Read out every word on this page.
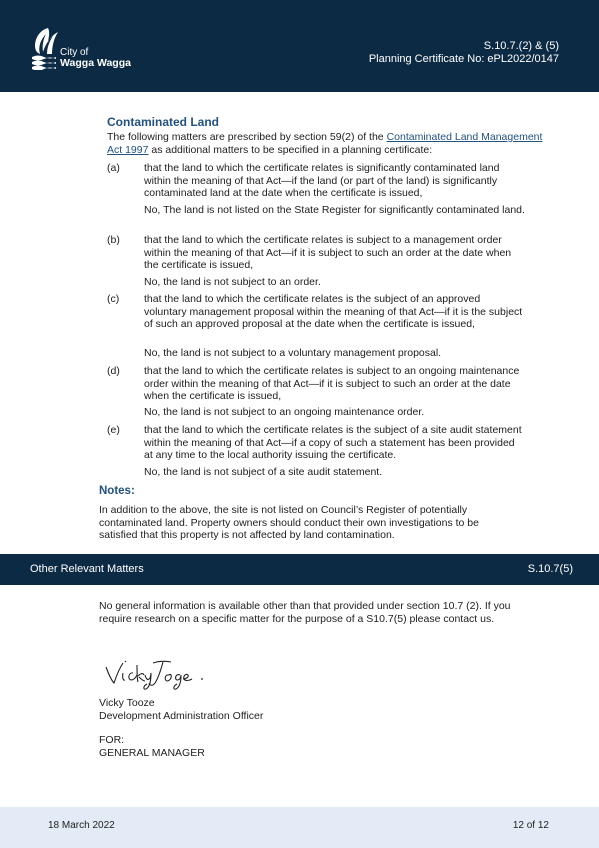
City of
Wagga Wagga
S.10.7.(2) & (5)
Planning Certificate No: ePL2022/0147
Contaminated Land
The following matters are prescribed by section 59(2) of the Contaminated Land Management Act 1997 as additional matters to be specified in a planning certificate:
(a) that the land to which the certificate relates is significantly contaminated land within the meaning of that Act—if the land (or part of the land) is significantly contaminated land at the date when the certificate is issued,
No, The land is not listed on the State Register for significantly contaminated land.
(b) that the land to which the certificate relates is subject to a management order within the meaning of that Act—if it is subject to such an order at the date when the certificate is issued,
No, the land is not subject to an order.
(c) that the land to which the certificate relates is the subject of an approved voluntary management proposal within the meaning of that Act—if it is the subject of such an approved proposal at the date when the certificate is issued,
No, the land is not subject to a voluntary management proposal.
(d) that the land to which the certificate relates is subject to an ongoing maintenance order within the meaning of that Act—if it is subject to such an order at the date when the certificate is issued,
No, the land is not subject to an ongoing maintenance order.
(e) that the land to which the certificate relates is the subject of a site audit statement within the meaning of that Act—if a copy of such a statement has been provided at any time to the local authority issuing the certificate.
No, the land is not subject of a site audit statement.
Notes:
In addition to the above, the site is not listed on Council’s Register of potentially contaminated land. Property owners should conduct their own investigations to be satisfied that this property is not affected by land contamination.
Other Relevant Matters	S.10.7(5)
No general information is available other than that provided under section 10.7 (2). If you require research on a specific matter for the purpose of a S10.7(5) please contact us.
Vicky Tooze
Development Administration Officer
FOR:
GENERAL MANAGER
18 March 2022	12 of 12
